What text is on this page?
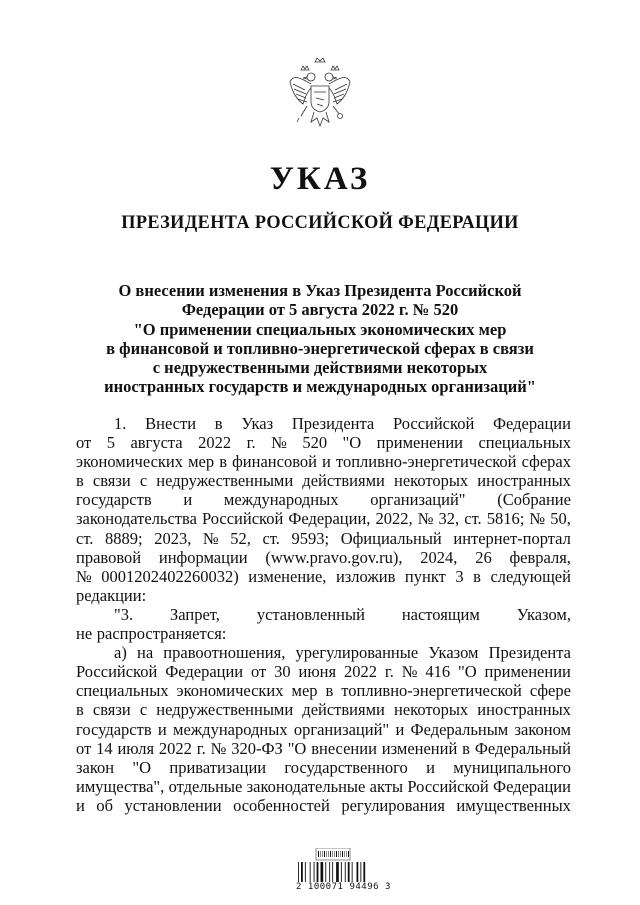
УКАЗ
ПРЕЗИДЕНТА РОССИЙСКОЙ ФЕДЕРАЦИИ
О внесении изменения в Указ Президента Российской
Федерации от 5 августа 2022 г. № 520
"О применении специальных экономических мер
в финансовой и топливно-энергетической сферах в связи
с недружественными действиями некоторых
иностранных государств и международных организаций"
1. Внести в Указ Президента Российской Федерации
от 5 августа 2022 г. № 520 "О применении специальных
экономических мер в финансовой и топливно-энергетической сферах
в связи с недружественными действиями некоторых иностранных
государств и международных организаций" (Собрание
законодательства Российской Федерации, 2022, № 32, ст. 5816; № 50,
ст. 8889; 2023, № 52, ст. 9593; Официальный интернет-портал
правовой информации (www.pravo.gov.ru), 2024, 26 февраля,
№ 0001202402260032) изменение, изложив пункт 3 в следующей
редакции:
"3. Запрет, установленный настоящим Указом,
не распространяется:
а) на правоотношения, урегулированные Указом Президента
Российской Федерации от 30 июня 2022 г. № 416 "О применении
специальных экономических мер в топливно-энергетической сфере
в связи с недружественными действиями некоторых иностранных
государств и международных организаций" и Федеральным законом
от 14 июля 2022 г. № 320-ФЗ "О внесении изменений в Федеральный
закон "О приватизации государственного и муниципального
имущества", отдельные законодательные акты Российской Федерации
и об установлении особенностей регулирования имущественных
2 100071 94496 3
